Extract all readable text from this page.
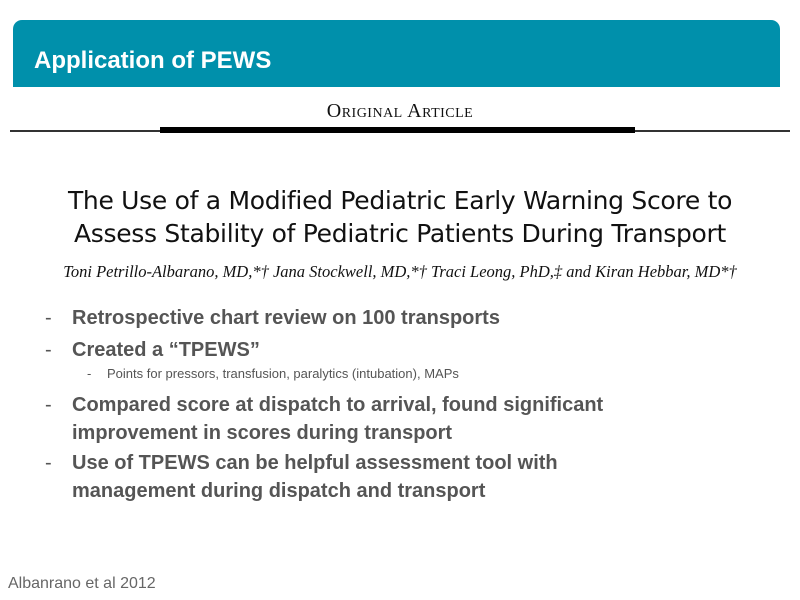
Application of PEWS
Original Article
The Use of a Modified Pediatric Early Warning Score to
Assess Stability of Pediatric Patients During Transport
Toni Petrillo-Albarano, MD,*† Jana Stockwell, MD,*† Traci Leong, PhD,‡ and Kiran Hebbar, MD*†
- Retrospective chart review on 100 transports
- Created a “TPEWS”
- Points for pressors, transfusion, paralytics (intubation), MAPs
- Compared score at dispatch to arrival, found significant
improvement in scores during transport
- Use of TPEWS can be helpful assessment tool with
management during dispatch and transport
Albanrano et al 2012
